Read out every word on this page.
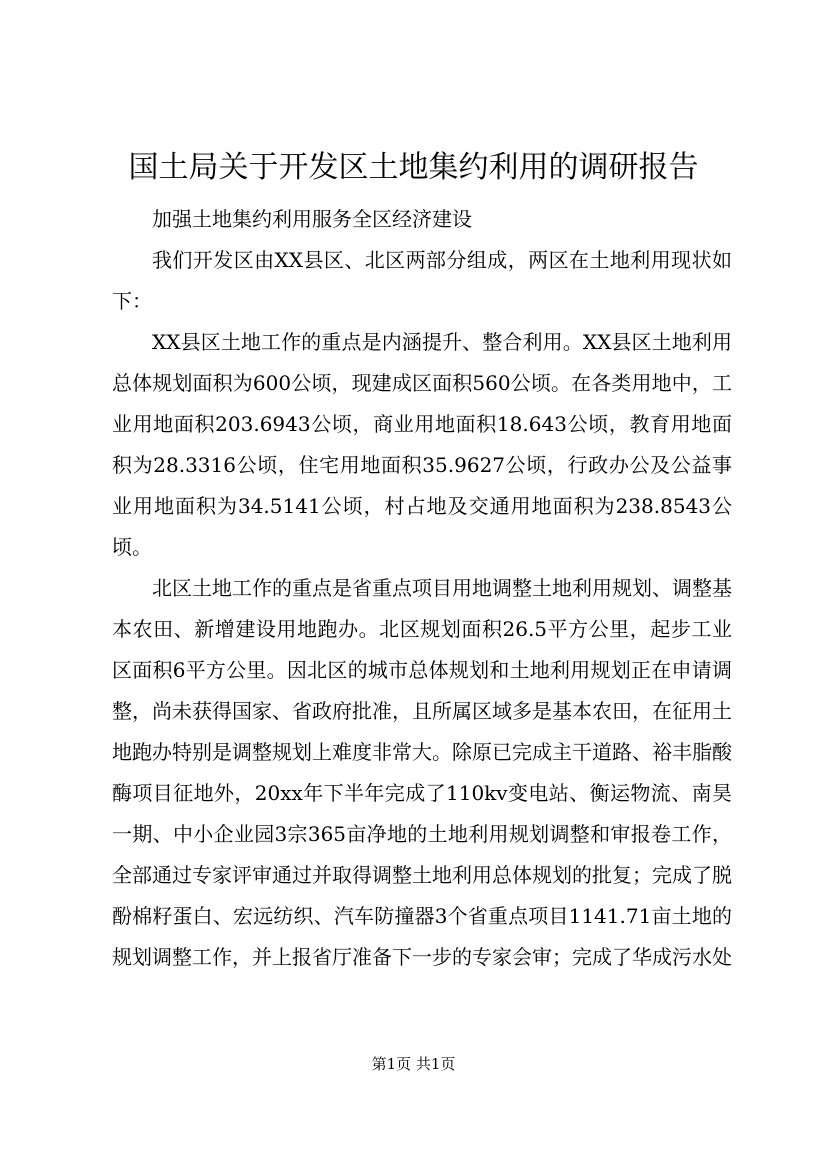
国土局关于开发区土地集约利用的调研报告

加强土地集约利用服务全区经济建设

我们开发区由XX县区、北区两部分组成，两区在土地利用现状如下：

XX县区土地工作的重点是内涵提升、整合利用。XX县区土地利用总体规划面积为600公顷，现建成区面积560公顷。在各类用地中，工业用地面积203.6943公顷，商业用地面积18.643公顷，教育用地面积为28.3316公顷，住宅用地面积35.9627公顷，行政办公及公益事业用地面积为34.5141公顷，村占地及交通用地面积为238.8543公顷。

北区土地工作的重点是省重点项目用地调整土地利用规划、调整基本农田、新增建设用地跑办。北区规划面积26.5平方公里，起步工业区面积6平方公里。因北区的城市总体规划和土地利用规划正在申请调整，尚未获得国家、省政府批准，且所属区域多是基本农田，在征用土地跑办特别是调整规划上难度非常大。除原已完成主干道路、裕丰脂酸酶项目征地外，20xx年下半年完成了110kv变电站、衡运物流、南昊一期、中小企业园3宗365亩净地的土地利用规划调整和审报卷工作，全部通过专家评审通过并取得调整土地利用总体规划的批复；完成了脱酚棉籽蛋白、宏远纺织、汽车防撞器3个省重点项目1141.71亩土地的规划调整工作，并上报省厅准备下一步的专家会审；完成了华成污水处

第1页 共1页
